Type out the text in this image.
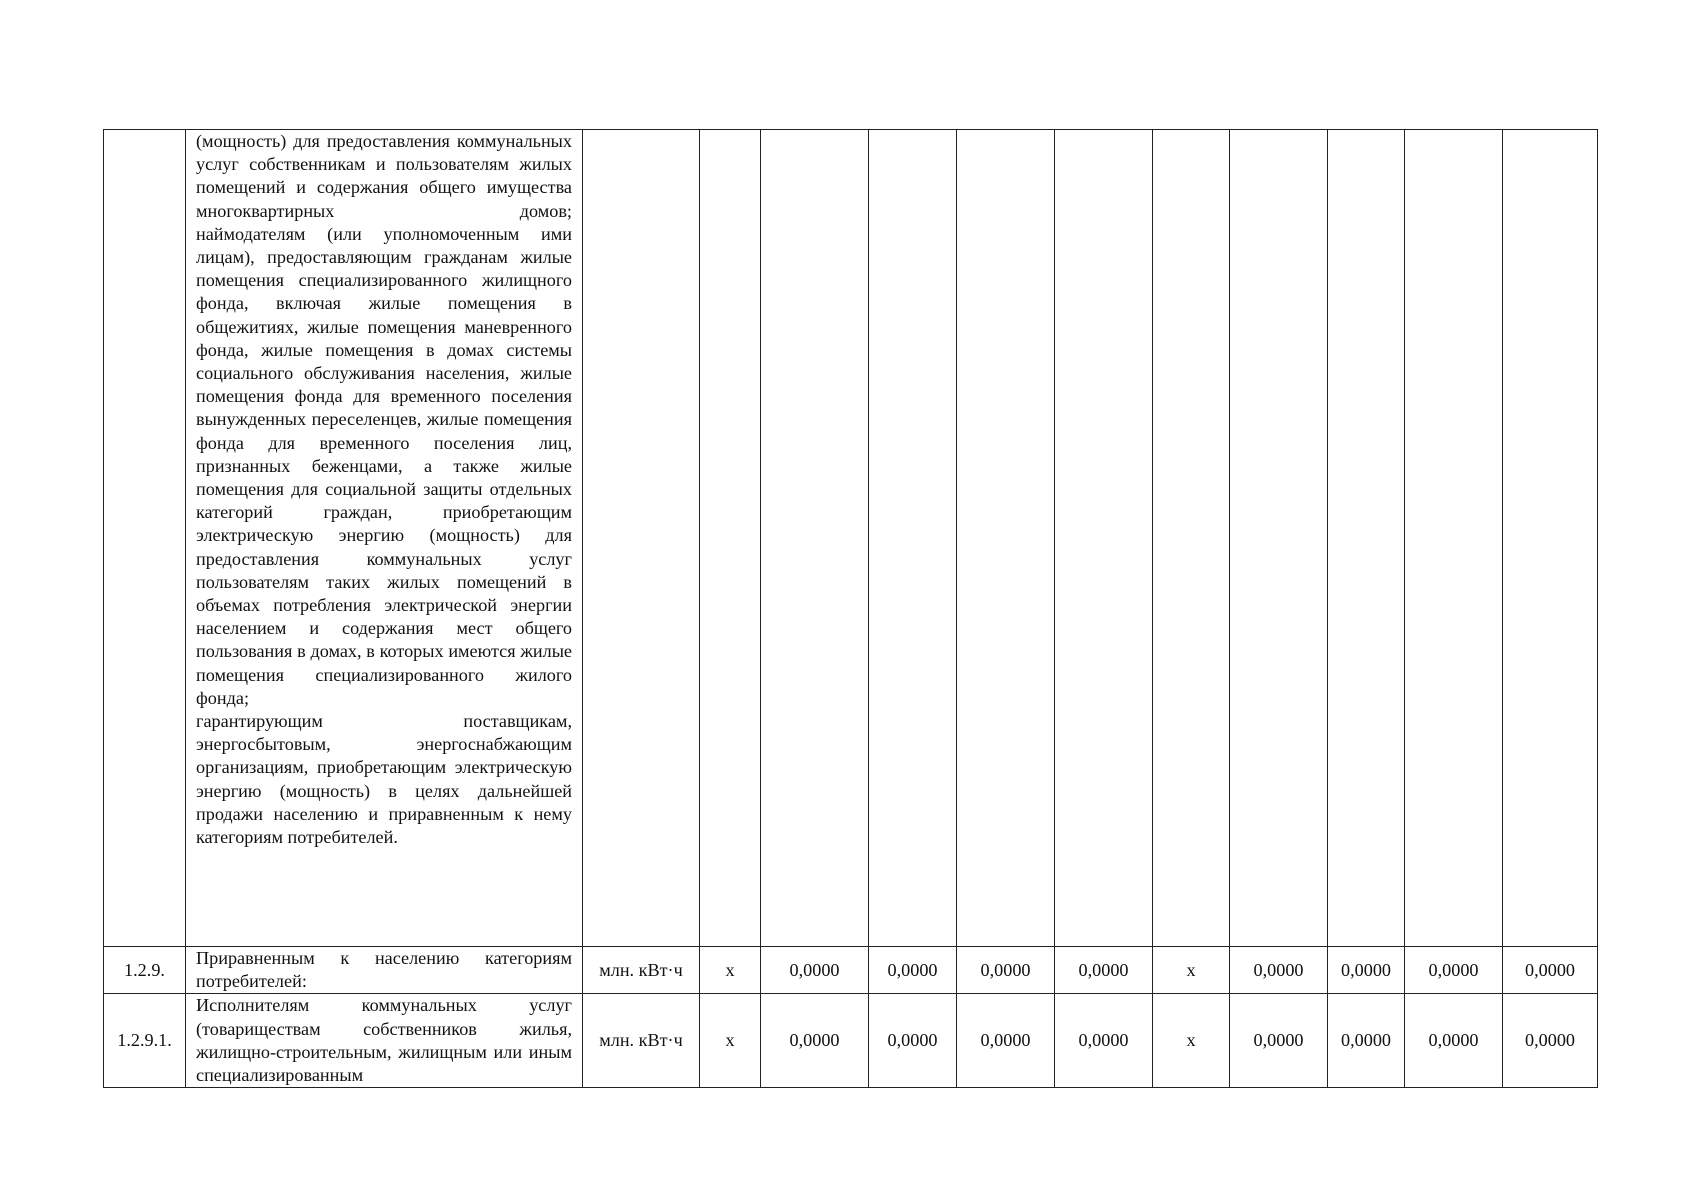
	(мощность) для предоставления коммунальных услуг собственникам и пользователям жилых помещений и содержания общего имущества многоквартирных домов;
наймодателям (или уполномоченным ими лицам), предоставляющим гражданам жилые помещения специализированного жилищного фонда, включая жилые помещения в общежитиях, жилые помещения маневренного фонда, жилые помещения в домах системы социального обслуживания населения, жилые помещения фонда для временного поселения вынужденных переселенцев, жилые помещения фонда для временного поселения лиц, признанных беженцами, а также жилые помещения для социальной защиты отдельных категорий граждан, приобретающим электрическую энергию (мощность) для предоставления коммунальных услуг пользователям таких жилых помещений в объемах потребления электрической энергии населением и содержания мест общего пользования в домах, в которых имеются жилые помещения специализированного жилого фонда;
гарантирующим поставщикам, энергосбытовым, энергоснабжающим организациям, приобретающим электрическую энергию (мощность) в целях дальнейшей продажи населению и приравненным к нему категориям потребителей.											

1.2.9.	Приравненным к населению категориям потребителей:	млн. кВт·ч	x	0,0000	0,0000	0,0000	0,0000	x	0,0000	0,0000	0,0000	0,0000
1.2.9.1.	Исполнителям коммунальных услуг (товариществам собственников жилья, жилищно-строительным, жилищным или иным специализированным	млн. кВт·ч	x	0,0000	0,0000	0,0000	0,0000	x	0,0000	0,0000	0,0000	0,0000
